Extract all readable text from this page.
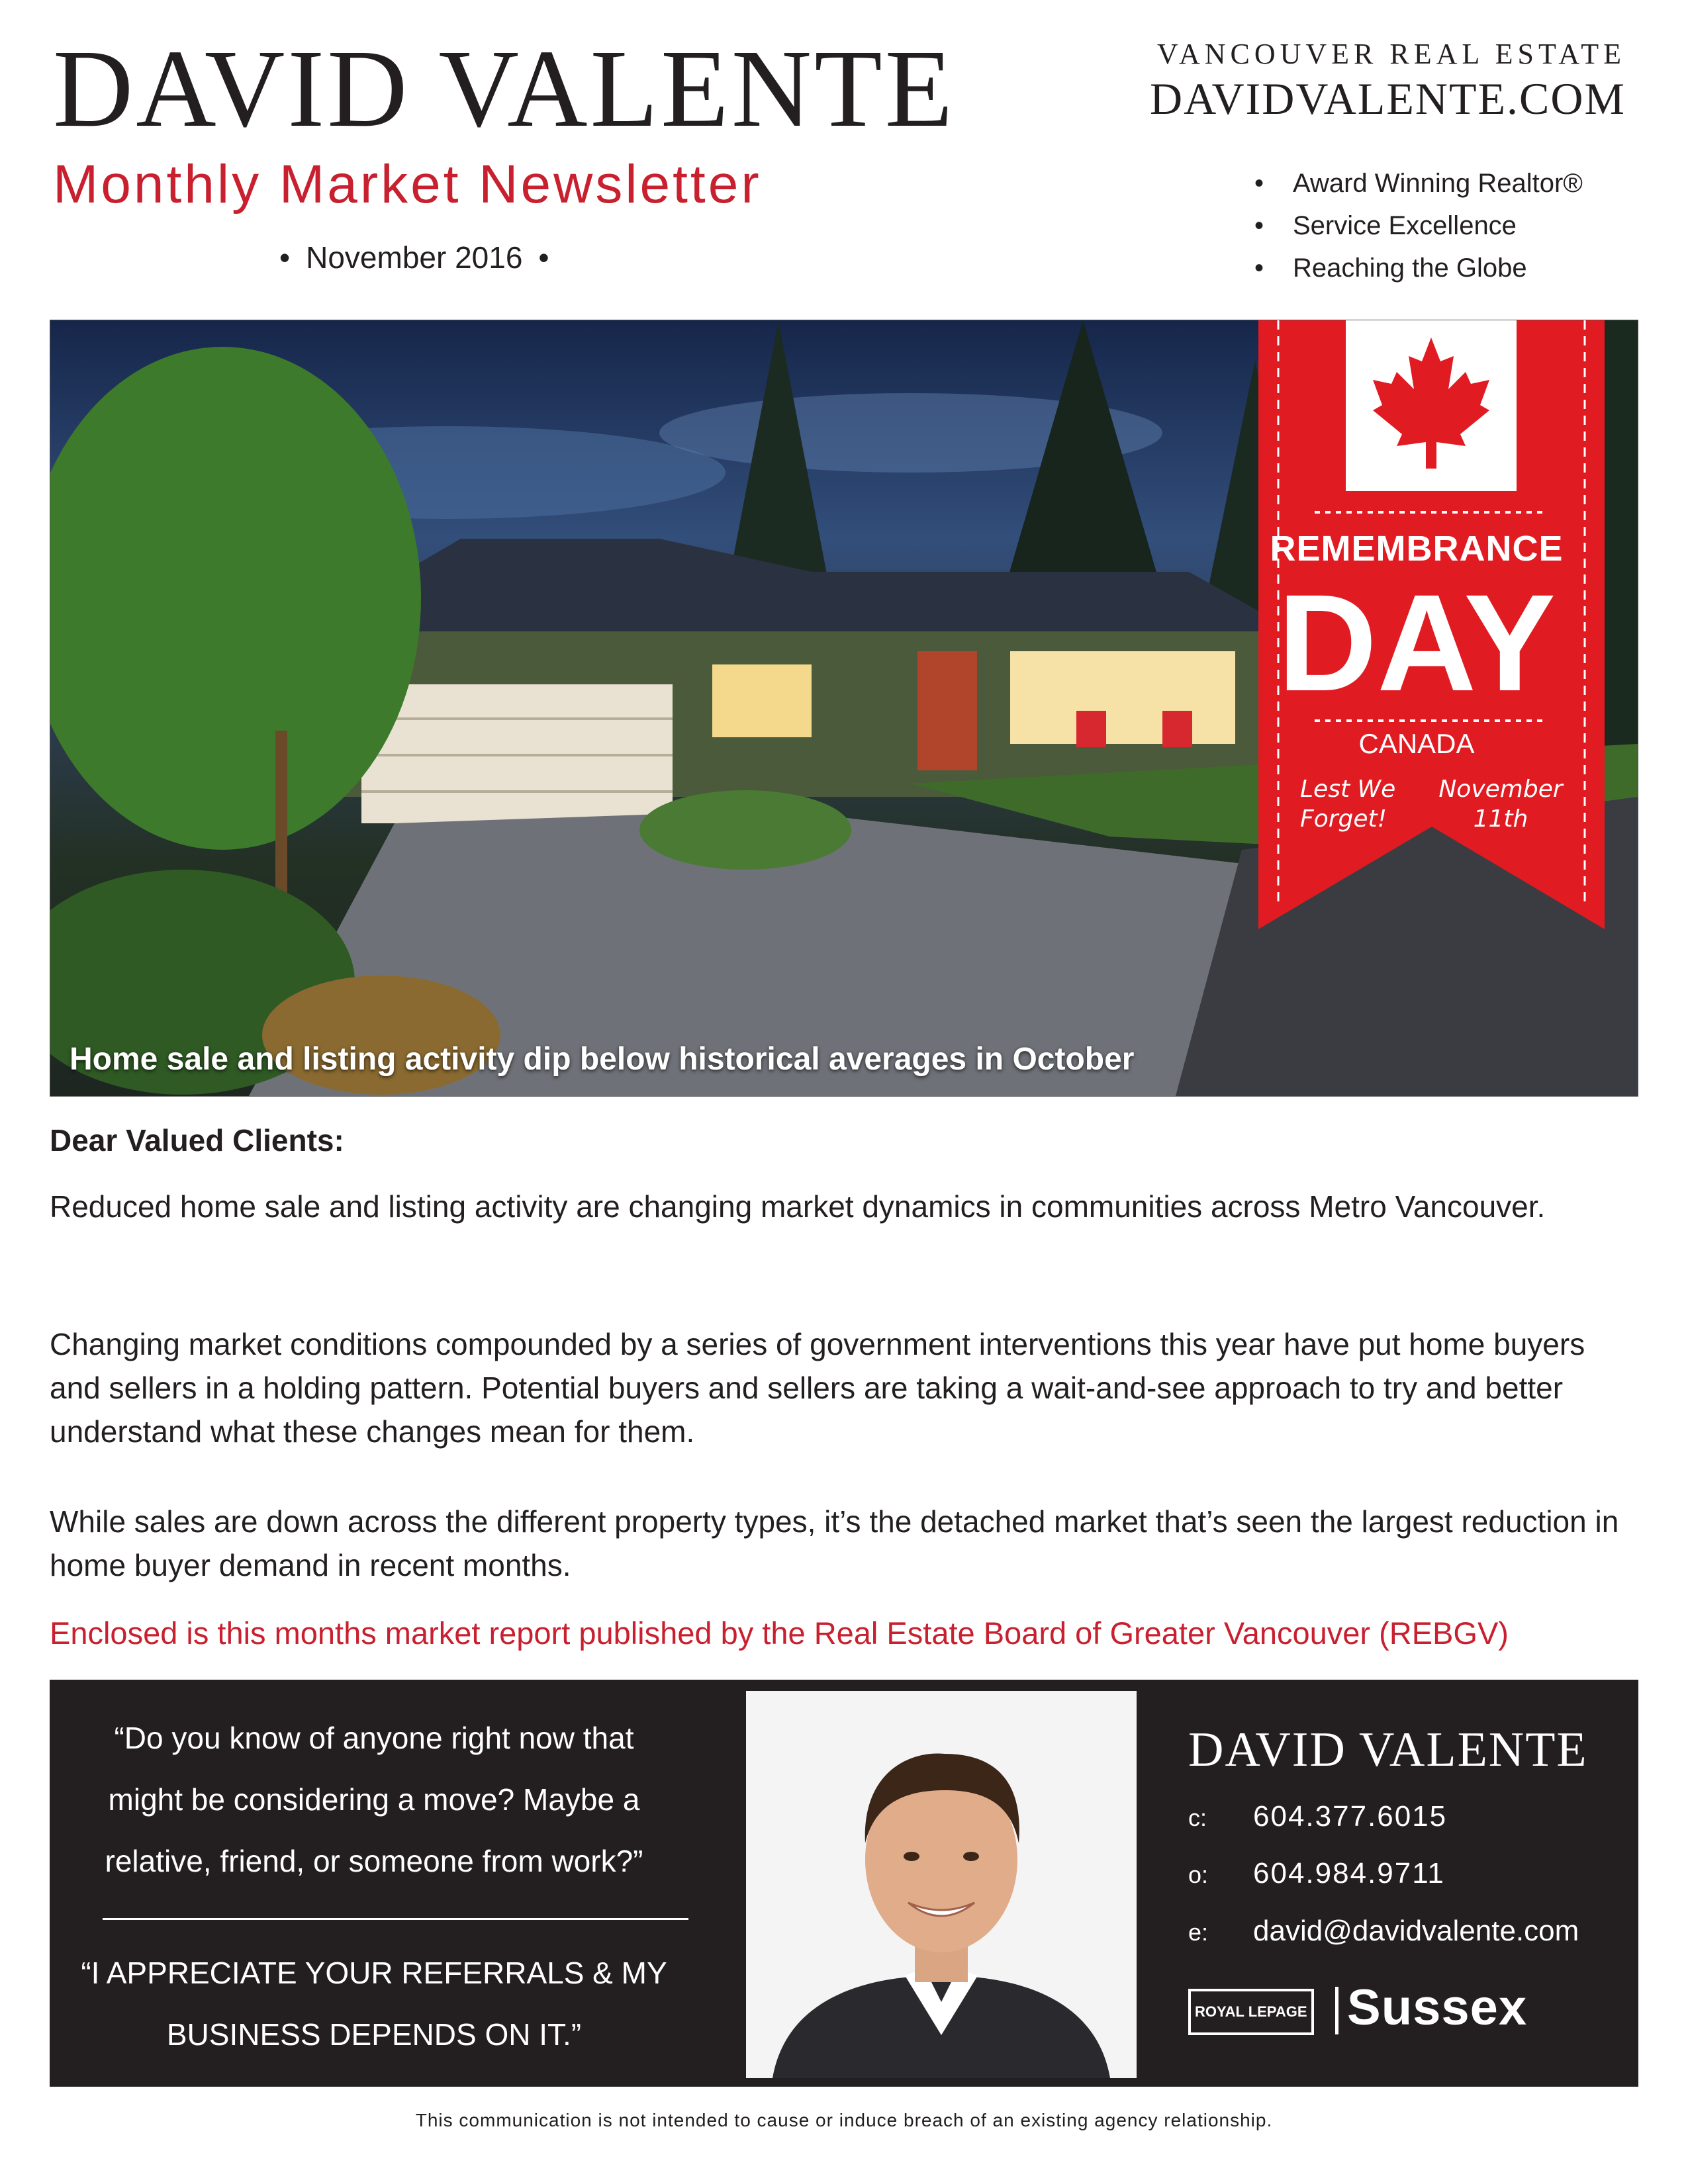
DAVID VALENTE
Monthly Market Newsletter
• November 2016 •
VANCOUVER REAL ESTATE
DAVIDVALENTE.COM
• Award Winning Realtor®
• Service Excellence
• Reaching the Globe
REMEMBRANCE
DAY
CANADA
Lest We Forget!
November 11th
Home sale and listing activity dip below historical averages in October
Dear Valued Clients:
Reduced home sale and listing activity are changing market dynamics in communities across Metro Vancouver.
Changing market conditions compounded by a series of government interventions this year have put home buyers and sellers in a holding pattern. Potential buyers and sellers are taking a wait-and-see approach to try and better understand what these changes mean for them.
While sales are down across the different property types, it’s the detached market that’s seen the largest reduction in home buyer demand in recent months.
Enclosed is this months market report published by the Real Estate Board of Greater Vancouver (REBGV)
“Do you know of anyone right now that might be considering a move? Maybe a relative, friend, or someone from work?”
“I APPRECIATE YOUR REFERRALS & MY BUSINESS DEPENDS ON IT.”
DAVID VALENTE
c: 604.377.6015
o: 604.984.9711
e: david@davidvalente.com
ROYAL LEPAGE Sussex
This communication is not intended to cause or induce breach of an existing agency relationship.
